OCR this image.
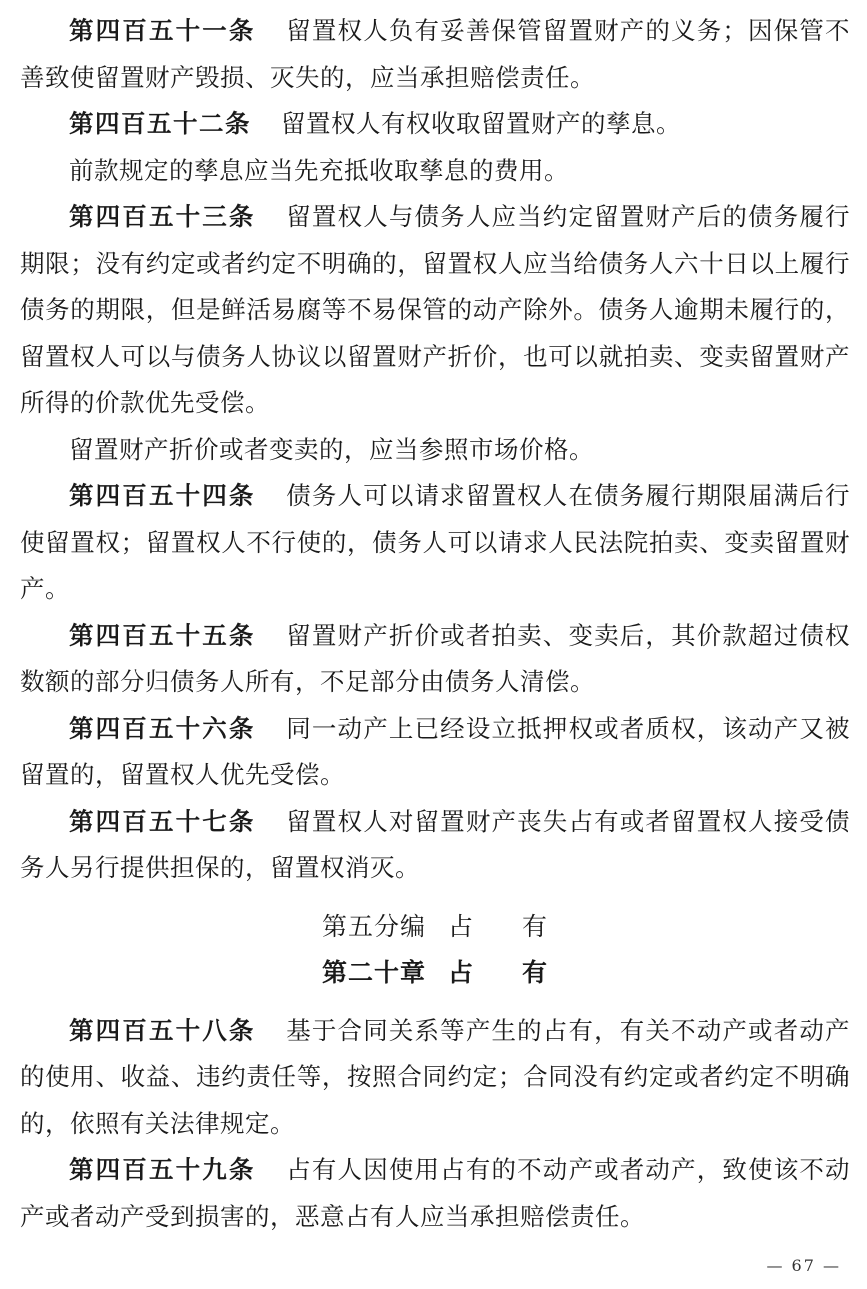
第四百五十一条 留置权人负有妥善保管留置财产的义务；因保管不善致使留置财产毁损、灭失的，应当承担赔偿责任。

第四百五十二条 留置权人有权收取留置财产的孳息。

前款规定的孳息应当先充抵收取孳息的费用。

第四百五十三条 留置权人与债务人应当约定留置财产后的债务履行期限；没有约定或者约定不明确的，留置权人应当给债务人六十日以上履行债务的期限，但是鲜活易腐等不易保管的动产除外。债务人逾期未履行的，留置权人可以与债务人协议以留置财产折价，也可以就拍卖、变卖留置财产所得的价款优先受偿。

留置财产折价或者变卖的，应当参照市场价格。

第四百五十四条 债务人可以请求留置权人在债务履行期限届满后行使留置权；留置权人不行使的，债务人可以请求人民法院拍卖、变卖留置财产。

第四百五十五条 留置财产折价或者拍卖、变卖后，其价款超过债权数额的部分归债务人所有，不足部分由债务人清偿。

第四百五十六条 同一动产上已经设立抵押权或者质权，该动产又被留置的，留置权人优先受偿。

第四百五十七条 留置权人对留置财产丧失占有或者留置权人接受债务人另行提供担保的，留置权消灭。

第五分编 占 有

第二十章 占 有

第四百五十八条 基于合同关系等产生的占有，有关不动产或者动产的使用、收益、违约责任等，按照合同约定；合同没有约定或者约定不明确的，依照有关法律规定。

第四百五十九条 占有人因使用占有的不动产或者动产，致使该不动产或者动产受到损害的，恶意占有人应当承担赔偿责任。

— 67 —
